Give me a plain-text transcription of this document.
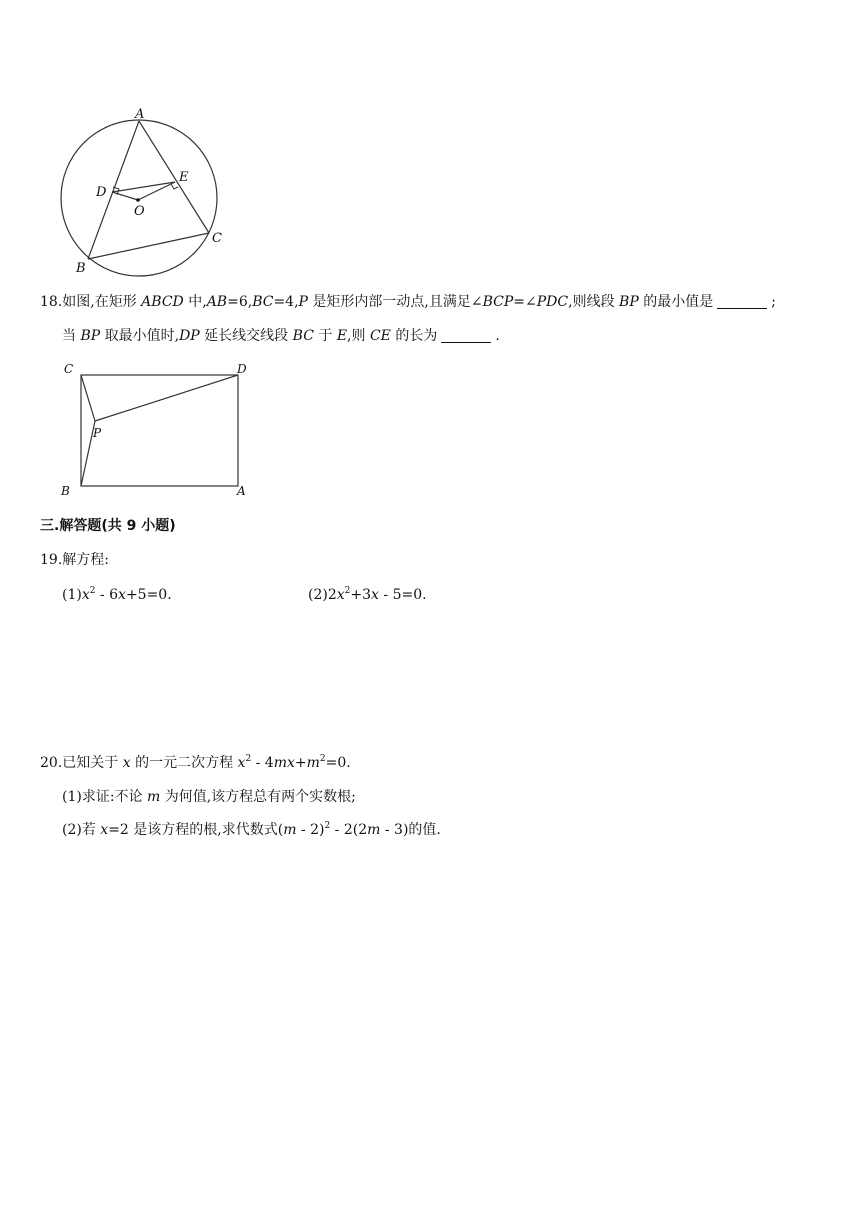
A
B
C
D
E
O
18.如图,在矩形 ABCD 中,AB=6,BC=4,P 是矩形内部一动点,且满足∠BCP=∠PDC,则线段 BP 的最小值是	;
当 BP 取最小值时,DP 延长线交线段 BC 于 E,则 CE 的长为	.
C	D
P
B	A
三.解答题(共 9 小题)
19.解方程:
$(1)x^2 - 6x+5=0$.	$(2)2x^2+3x - 5=0$.
20.已知关于 x 的一元二次方程 $x^2 - 4mx+m^2=0$.
(1)求证:不论 m 为何值,该方程总有两个实数根;
(2)若 x=2 是该方程的根,求代数式(m - 2)$^2$ - 2(2m - 3)的值.
